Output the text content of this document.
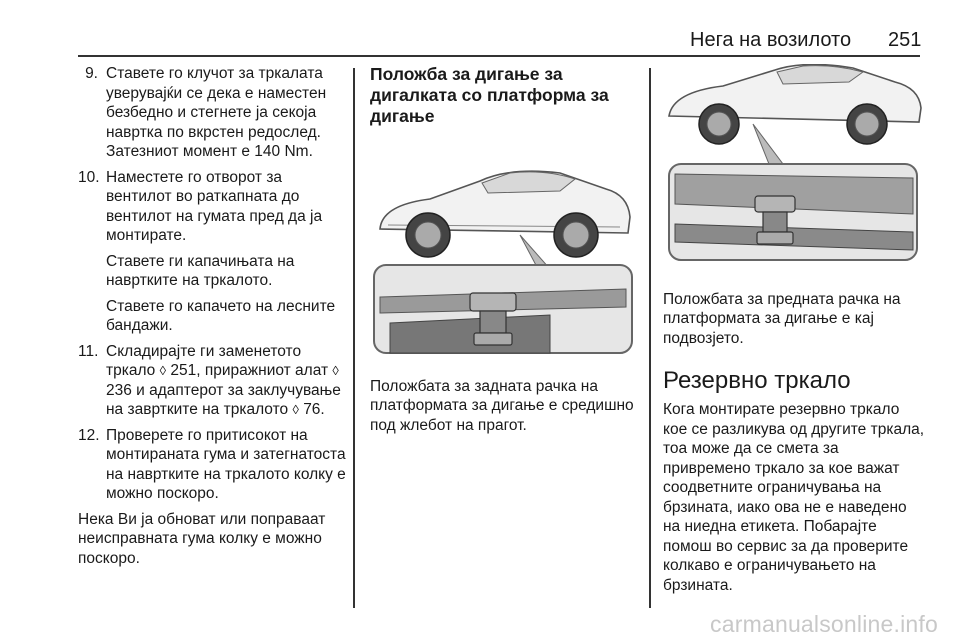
Нега на возилото 251
9. Ставете го клучот за тркалата уверувајќи се дека е наместен безбедно и стегнете ја секоја навртка по вкрстен редослед. Затезниот момент е 140 Nm.

10. Наместете го отворот за вентилот во раткапната до вентилот на гумата пред да ја монтирате.

Ставете ги капачињата на навртките на тркалото.

Ставете го капачето на лесните бандажи.

11. Складирајте ги заменетото тркало ◊ 251, приражниот алат ◊ 236 и адаптерот за заклучување на завртките на тркалото ◊ 76.

12. Проверете го притисокот на монтираната гума и затегнатоста на навртките на тркалото колку е можно поскоро.

Нека Ви ја обноват или поправаат неисправната гума колку е можно поскоро.

Положба за дигање за дигалката со платформа за дигање
Положбата за задната рачка на платформата за дигање е средишно под жлебот на прагот.
Положбата за предната рачка на платформата за дигање е кај подвозјето.
Резервно тркало
Кога монтирате резервно тркало кое се разликува од другите тркала, тоа може да се смета за привремено тркало за кое важат соодветните ограничувања на брзината, иако ова не е наведено на ниедна етикета. Побарајте помош во сервис за да проверите колкаво е ограничувањето на брзината.
carmanualsonline.info
